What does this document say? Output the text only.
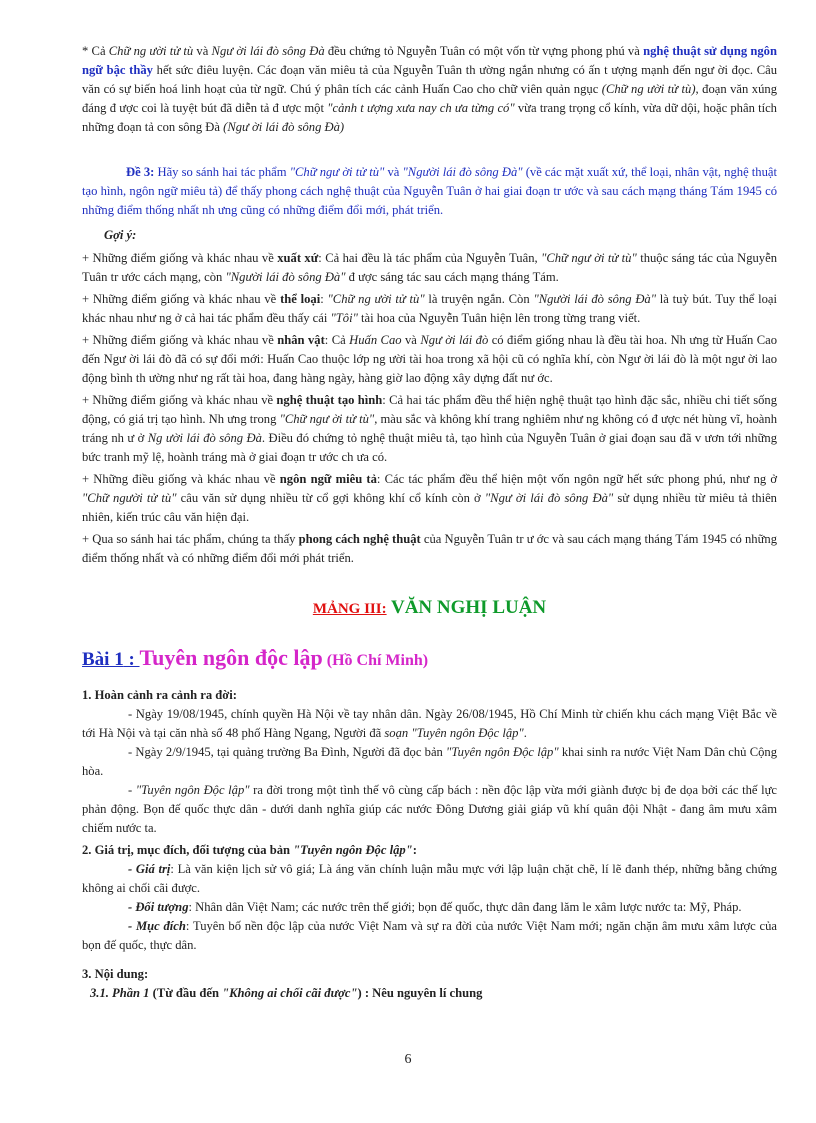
* Cả Chữ ng ười tử tù và Ngư ời lái đò sông Đà đều chứng tỏ Nguyễn Tuân có một vốn từ vựng phong phú và nghệ thuật sử dụng ngôn ngữ bậc thầy hết sức điêu luyện. Các đoạn văn miêu tả của Nguyễn Tuân th ường ngắn nhưng có ấn t ượng mạnh đến ngư ời đọc. Câu văn có sự biến hoá linh hoạt của từ ngữ. Chú ý phân tích các cảnh Huấn Cao cho chữ viên quản ngục (Chữ ng ười tử tù), đoạn văn xúng đáng đ ược coi là tuyệt bút đã diễn tả đ ược một "cảnh t ượng xưa nay ch ưa từng có" vừa trang trọng cổ kính, vừa dữ dội, hoặc phân tích những đoạn tả con sông Đà (Ngư ời lái đò sông Đà)

Đề 3: Hãy so sánh hai tác phẩm "Chữ ngư ời tử tù" và "Người lái đò sông Đà" (về các mặt xuất xứ, thể loại, nhân vật, nghệ thuật tạo hình, ngôn ngữ miêu tả) để thấy phong cách nghệ thuật của Nguyễn Tuân ở hai giai đoạn tr ước và sau cách mạng tháng Tám 1945 có những điểm thống nhất nh ưng cũng có những điểm đổi mới, phát triển.

Gợi ý:

+ Những điểm giống và khác nhau về xuất xứ: Cả hai đều là tác phẩm của Nguyễn Tuân, "Chữ ngư ời tử tù" thuộc sáng tác của Nguyễn Tuân tr ước cách mạng, còn "Người lái đò sông Đà" đ ược sáng tác sau cách mạng tháng Tám.

+ Những điểm giống và khác nhau về thể loại: "Chữ ng ười tử tù" là truyện ngắn. Còn "Người lái đò sông Đà" là tuỳ bút. Tuy thể loại khác nhau như ng ở cả hai tác phẩm đều thấy cái "Tôi" tài hoa của Nguyễn Tuân hiện lên trong từng trang viết.

+ Những điểm giống và khác nhau về nhân vật: Cả Huấn Cao và Ngư ời lái đò có điểm giống nhau là đều tài hoa. Nh ưng từ Huấn Cao đến Ngư ời lái đò đã có sự đổi mới: Huấn Cao thuộc lớp ng ười tài hoa trong xã hội cũ có nghĩa khí, còn Ngư ời lái đò là một ngư ời lao động bình th ường như ng rất tài hoa, đang hàng ngày, hàng giờ lao động xây dựng đất nư ớc.

+ Những điểm giống và khác nhau về nghệ thuật tạo hình: Cả hai tác phẩm đều thể hiện nghệ thuật tạo hình đặc sắc, nhiều chi tiết sống động, có giá trị tạo hình. Nh ưng trong "Chữ ngư ời tử tù", màu sắc và không khí trang nghiêm như ng không có đ ược nét hùng vĩ, hoành tráng nh ư ở Ng ười lái đò sông Đà. Điều đó chứng tỏ nghệ thuật miêu tả, tạo hình của Nguyễn Tuân ở giai đoạn sau đã v ươn tới những bức tranh mỹ lệ, hoành tráng mà ở giai đoạn tr ước ch ưa có.

+ Những điều giống và khác nhau về ngôn ngữ miêu tả: Các tác phẩm đều thể hiện một vốn ngôn ngữ hết sức phong phú, như ng ở "Chữ người tử tù" câu văn sử dụng nhiều từ cổ gợi không khí cổ kính còn ở "Ngư ời lái đò sông Đà" sử dụng nhiều từ miêu tả thiên nhiên, kiến trúc câu văn hiện đại.

+ Qua so sánh hai tác phẩm, chúng ta thấy phong cách nghệ thuật của Nguyễn Tuân tr ư ớc và sau cách mạng tháng Tám 1945 có những điểm thống nhất và có những điểm đổi mới phát triển.

MẢNG III: VĂN NGHỊ LUẬN
Bài 1 : Tuyên ngôn độc lập (Hồ Chí Minh)

1. Hoàn cảnh ra cảnh ra đời:

- Ngày 19/08/1945, chính quyền Hà Nội về tay nhân dân. Ngày 26/08/1945, Hồ Chí Minh từ chiến khu cách mạng Việt Bắc về tới Hà Nội và tại căn nhà số 48 phố Hàng Ngang, Người đã soạn "Tuyên ngôn Độc lập".

- Ngày 2/9/1945, tại quảng trường Ba Đình, Người đã đọc bản "Tuyên ngôn Độc lập" khai sinh ra nước Việt Nam Dân chủ Cộng hòa.

- "Tuyên ngôn Độc lập" ra đời trong một tình thế vô cùng cấp bách : nền độc lập vừa mới giành được bị đe dọa bởi các thế lực phản động. Bọn đế quốc thực dân - dưới danh nghĩa giúp các nước Đông Dương giải giáp vũ khí quân đội Nhật - đang âm mưu xâm chiếm nước ta.

2. Giá trị, mục đích, đối tượng của bản "Tuyên ngôn Độc lập":

- Giá trị: Là văn kiện lịch sử vô giá; Là áng văn chính luận mẫu mực với lập luận chặt chẽ, lí lẽ đanh thép, những bằng chứng không ai chối cãi được.

- Đối tượng: Nhân dân Việt Nam; các nước trên thế giới; bọn đế quốc, thực dân đang lăm le xâm lược nước ta: Mỹ, Pháp.

- Mục đích: Tuyên bố nền độc lập của nước Việt Nam và sự ra đời của nước Việt Nam mới; ngăn chặn âm mưu xâm lược của bọn đế quốc, thực dân.

3. Nội dung:

3.1. Phần 1 (Từ đầu đến "Không ai chối cãi được") : Nêu nguyên lí chung

6
